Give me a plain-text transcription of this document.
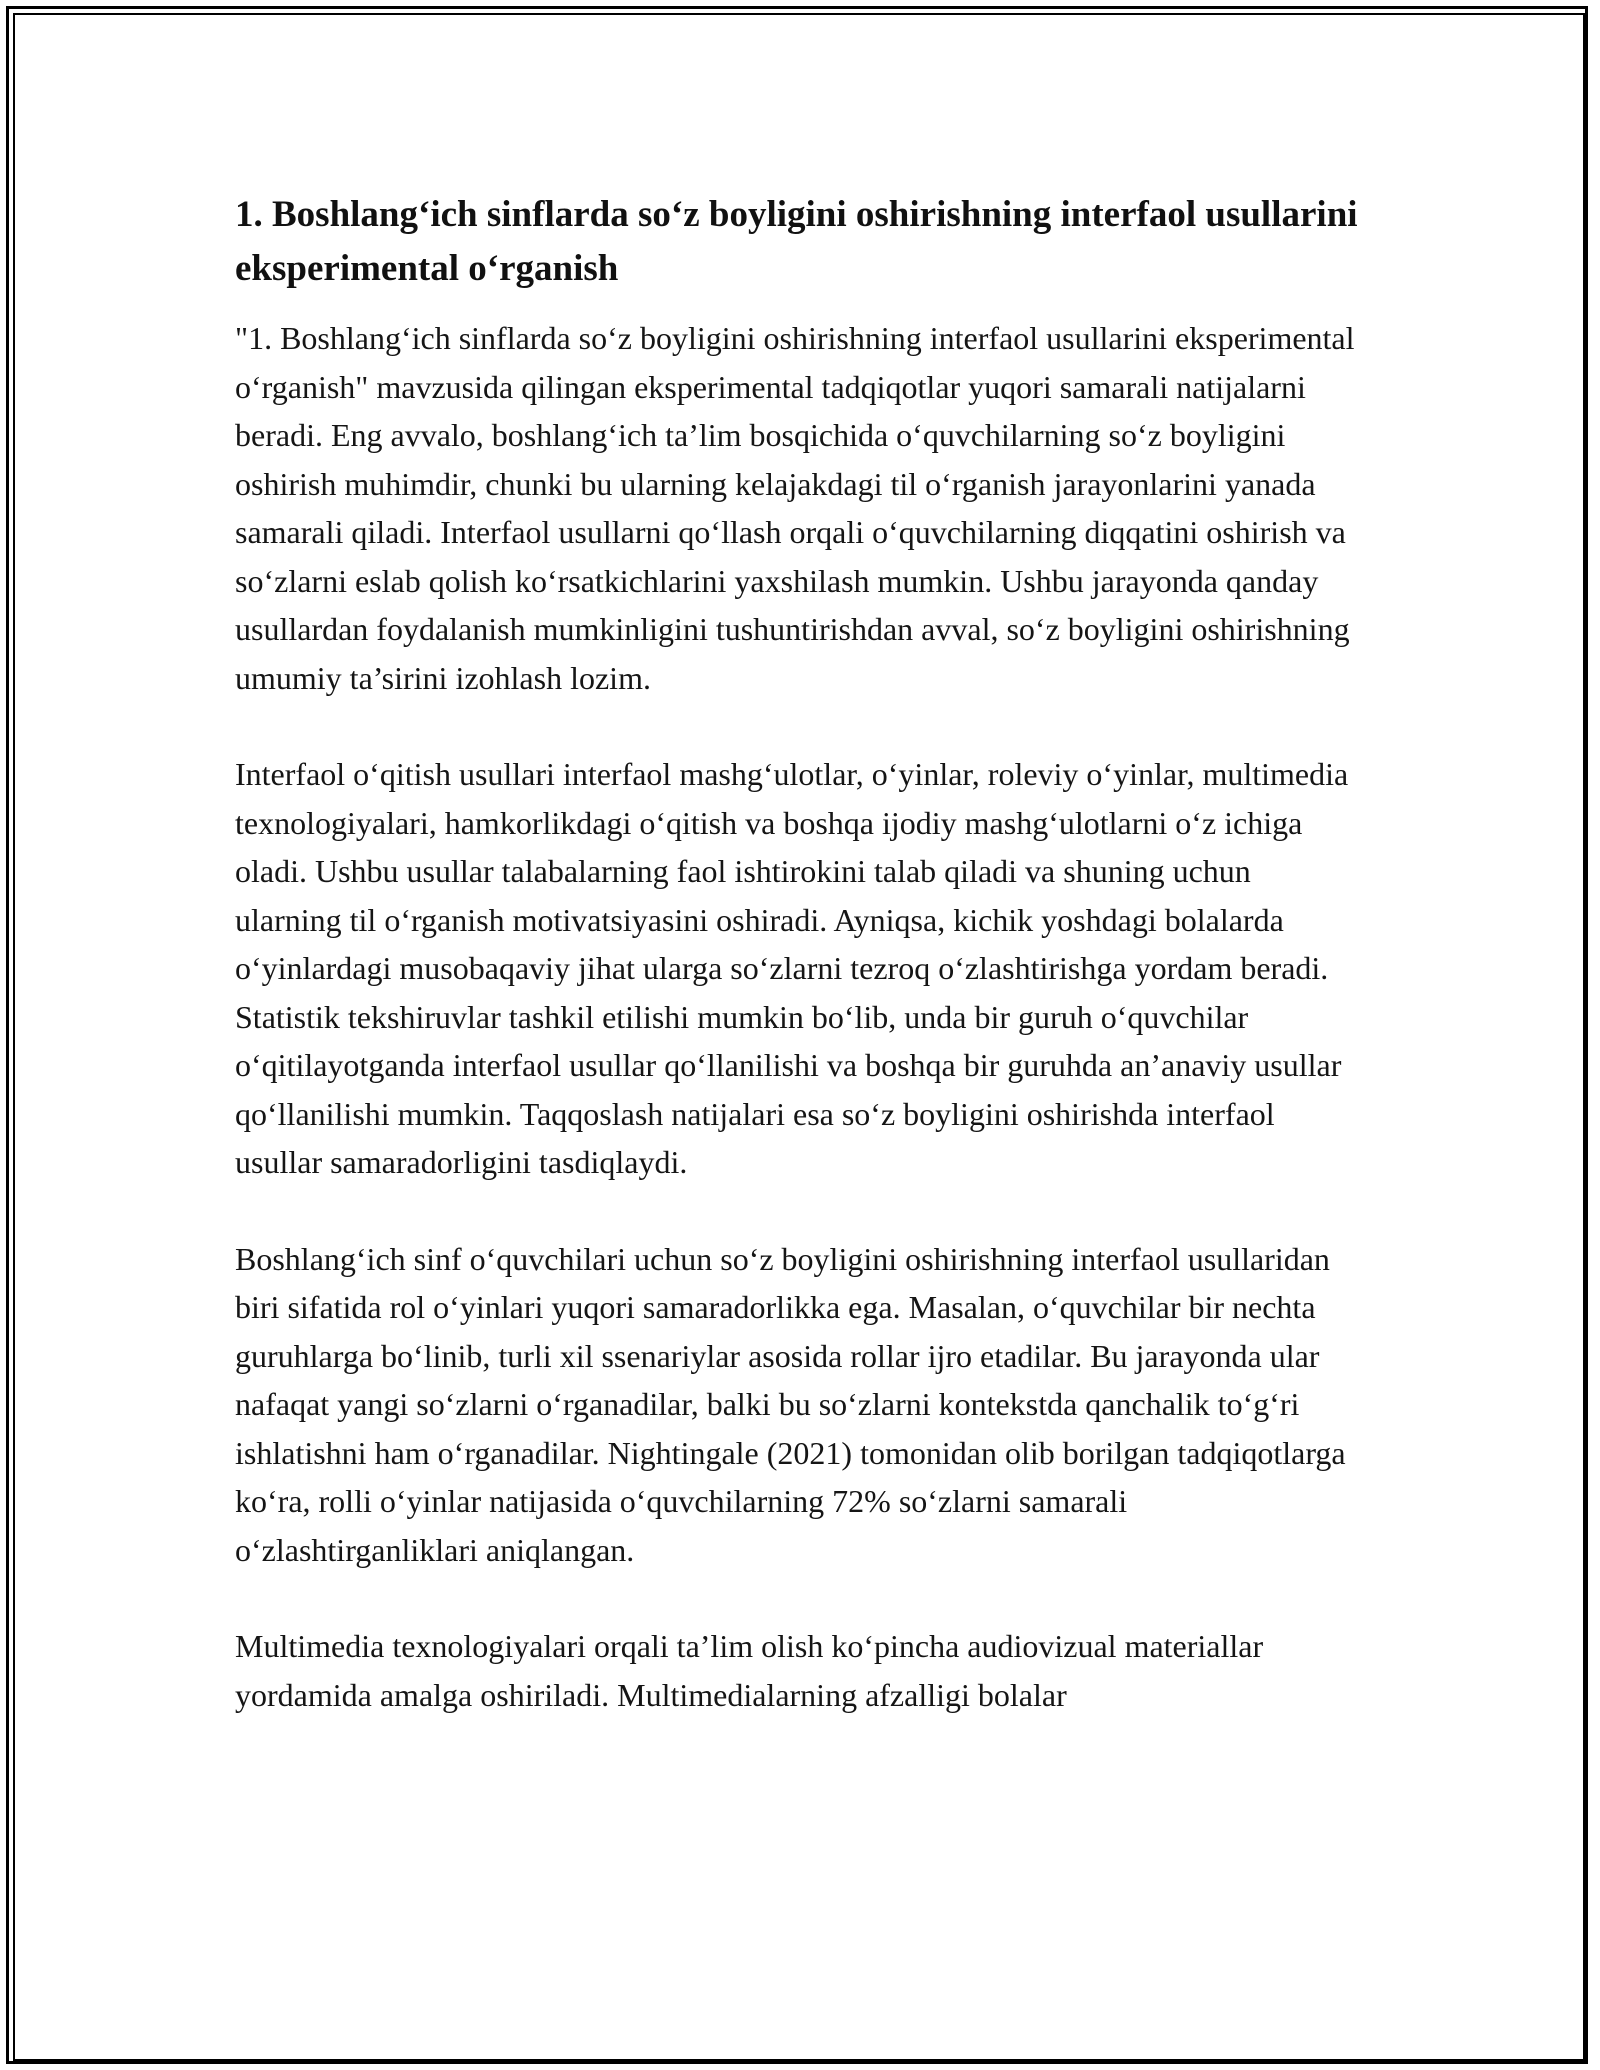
1. Boshlang‘ich sinflarda so‘z boyligini oshirishning interfaol usullarini eksperimental o‘rganish

"1. Boshlang‘ich sinflarda so‘z boyligini oshirishning interfaol usullarini eksperimental o‘rganish" mavzusida qilingan eksperimental tadqiqotlar yuqori samarali natijalarni beradi. Eng avvalo, boshlang‘ich ta’lim bosqichida o‘quvchilarning so‘z boyligini oshirish muhimdir, chunki bu ularning kelajakdagi til o‘rganish jarayonlarini yanada samarali qiladi. Interfaol usullarni qo‘llash orqali o‘quvchilarning diqqatini oshirish va so‘zlarni eslab qolish ko‘rsatkichlarini yaxshilash mumkin. Ushbu jarayonda qanday usullardan foydalanish mumkinligini tushuntirishdan avval, so‘z boyligini oshirishning umumiy ta’sirini izohlash lozim.

Interfaol o‘qitish usullari interfaol mashg‘ulotlar, o‘yinlar, roleviy o‘yinlar, multimedia texnologiyalari, hamkorlikdagi o‘qitish va boshqa ijodiy mashg‘ulotlarni o‘z ichiga oladi. Ushbu usullar talabalarning faol ishtirokini talab qiladi va shuning uchun ularning til o‘rganish motivatsiyasini oshiradi. Ayniqsa, kichik yoshdagi bolalarda o‘yinlardagi musobaqaviy jihat ularga so‘zlarni tezroq o‘zlashtirishga yordam beradi. Statistik tekshiruvlar tashkil etilishi mumkin bo‘lib, unda bir guruh o‘quvchilar o‘qitilayotganda interfaol usullar qo‘llanilishi va boshqa bir guruhda an’anaviy usullar qo‘llanilishi mumkin. Taqqoslash natijalari esa so‘z boyligini oshirishda interfaol usullar samaradorligini tasdiqlaydi.

Boshlang‘ich sinf o‘quvchilari uchun so‘z boyligini oshirishning interfaol usullaridan biri sifatida rol o‘yinlari yuqori samaradorlikka ega. Masalan, o‘quvchilar bir nechta guruhlarga bo‘linib, turli xil ssenariylar asosida rollar ijro etadilar. Bu jarayonda ular nafaqat yangi so‘zlarni o‘rganadilar, balki bu so‘zlarni kontekstda qanchalik to‘g‘ri ishlatishni ham o‘rganadilar. Nightingale (2021) tomonidan olib borilgan tadqiqotlarga ko‘ra, rolli o‘yinlar natijasida o‘quvchilarning 72% so‘zlarni samarali o‘zlashtirganliklari aniqlangan.

Multimedia texnologiyalari orqali ta’lim olish ko‘pincha audiovizual materiallar yordamida amalga oshiriladi. Multimedialarning afzalligi bolalar
